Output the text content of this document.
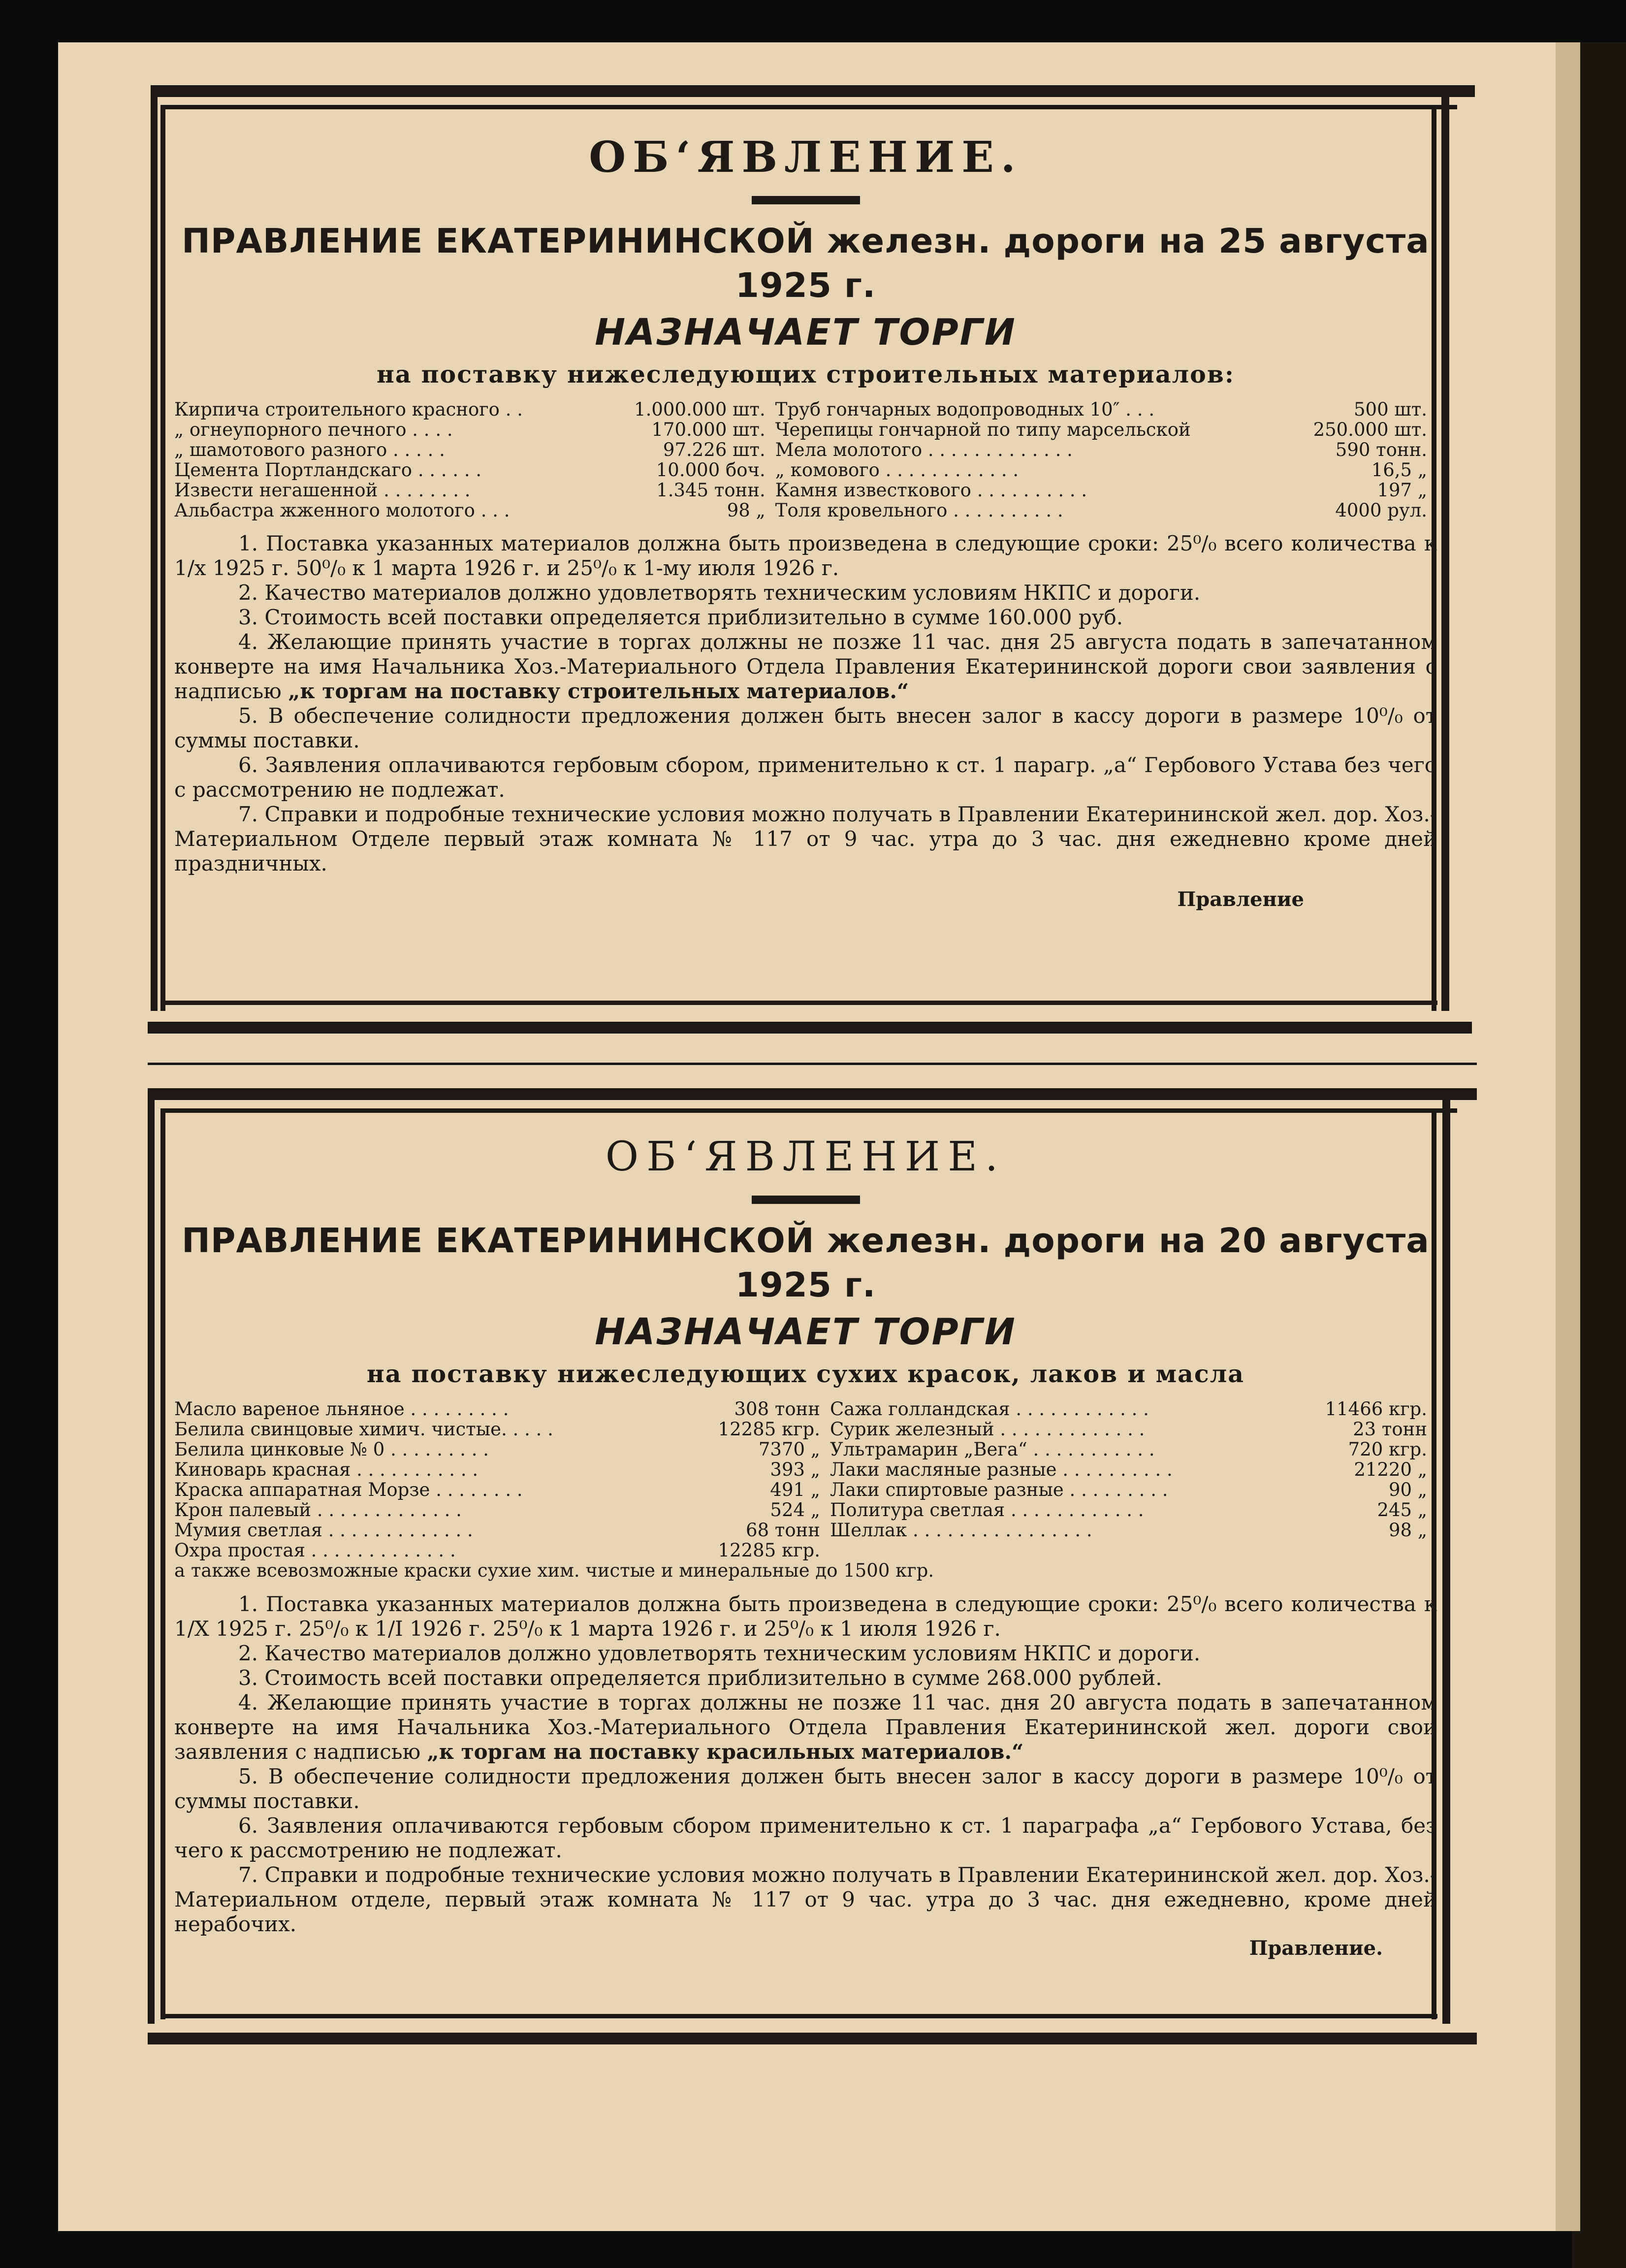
ОБ‘ЯВЛЕНИЕ.
ПРАВЛЕНИЕ ЕКАТЕРИНИНСКОЙ железн. дороги на 25 августа 1925 г.
НАЗНАЧАЕТ ТОРГИ
на поставку нижеследующих строительных материалов:
Кирпича строительного красного . .	1.000.000 шт.	Труб гончарных водопроводных 10″ . . .	500 шт.
„ огнеупорного печного . . . .	170.000 шт.	Черепицы гончарной по типу марсельской	250.000 шт.
„ шамотового разного . . . . .	97.226 шт.	Мела молотого . . . . . . . . . . . . .	590 тонн.
Цемента Портландскаго . . . . . .	10.000 боч.	„ комового . . . . . . . . . . . .	16,5 „
Извести негашенной . . . . . . . .	1.345 тонн.	Камня известкового . . . . . . . . . .	197 „
Альбастра жженного молотого . . .	98 „	Толя кровельного . . . . . . . . . .	4000 рул.

1. Поставка указанных материалов должна быть произведена в следующие сроки: 25⁰/₀ всего количества к 1/х 1925 г. 50⁰/₀ к 1 марта 1926 г. и 25⁰/₀ к 1-му июля 1926 г.

2. Качество материалов должно удовлетворять техническим условиям НКПС и дороги.

3. Стоимость всей поставки определяется приблизительно в сумме 160.000 руб.

4. Желающие принять участие в торгах должны не позже 11 час. дня 25 августа подать в запечатанном конверте на имя Начальника Хоз.-Материального Отдела Правления Екатерининской дороги свои заявления с надписью „к торгам на поставку строительных материалов.“

5. В обеспечение солидности предложения должен быть внесен залог в кассу дороги в размере 10⁰/₀ от суммы поставки.

6. Заявления оплачиваются гербовым сбором, применительно к ст. 1 парагр. „а“ Гербового Устава без чего с рассмотрению не подлежат.

7. Справки и подробные технические условия можно получать в Правлении Екатерининской жел. дор. Хоз.-Материальном Отделе первый этаж комната № 117 от 9 час. утра до 3 час. дня ежедневно кроме дней праздничных.

Правление
ОБ‘ЯВЛЕНИЕ.
ПРАВЛЕНИЕ ЕКАТЕРИНИНСКОЙ железн. дороги на 20 августа 1925 г.
НАЗНАЧАЕТ ТОРГИ
на поставку нижеследующих сухих красок, лаков и масла
Масло вареное льняное . . . . . . . . .	308 тонн	Сажа голландская . . . . . . . . . . . .	11466 кгр.
Белила свинцовые химич. чистые. . . . .	12285 кгр.	Сурик железный . . . . . . . . . . . . .	23 тонн
Белила цинковые № 0 . . . . . . . . .	7370 „	Ультрамарин „Вега“ . . . . . . . . . . .	720 кгр.
Киноварь красная . . . . . . . . . . .	393 „	Лаки масляные разные . . . . . . . . . .	21220 „
Краска аппаратная Морзе . . . . . . . .	491 „	Лаки спиртовые разные . . . . . . . . .	90 „
Крон палевый . . . . . . . . . . . . .	524 „	Политура светлая . . . . . . . . . . . .	245 „
Мумия светлая . . . . . . . . . . . . .	68 тонн	Шеллак . . . . . . . . . . . . . . . .	98 „
Охра простая . . . . . . . . . . . . .	12285 кгр.		
а также всевозможные краски сухие хим. чистые и минеральные до 1500 кгр.

1. Поставка указанных материалов должна быть произведена в следующие сроки: 25⁰/₀ всего количества к 1/Х 1925 г. 25⁰/₀ к 1/I 1926 г. 25⁰/₀ к 1 марта 1926 г. и 25⁰/₀ к 1 июля 1926 г.

2. Качество материалов должно удовлетворять техническим условиям НКПС и дороги.

3. Стоимость всей поставки определяется приблизительно в сумме 268.000 рублей.

4. Желающие принять участие в торгах должны не позже 11 час. дня 20 августа подать в запечатанном конверте на имя Начальника Хоз.-Материального Отдела Правления Екатерининской жел. дороги свои заявления с надписью „к торгам на поставку красильных материалов.“

5. В обеспечение солидности предложения должен быть внесен залог в кассу дороги в размере 10⁰/₀ от суммы поставки.

6. Заявления оплачиваются гербовым сбором применительно к ст. 1 параграфа „а“ Гербового Устава, без чего к рассмотрению не подлежат.

7. Справки и подробные технические условия можно получать в Правлении Екатерининской жел. дор. Хоз.-Материальном отделе, первый этаж комната № 117 от 9 час. утра до 3 час. дня ежедневно, кроме дней нерабочих.

Правление.
